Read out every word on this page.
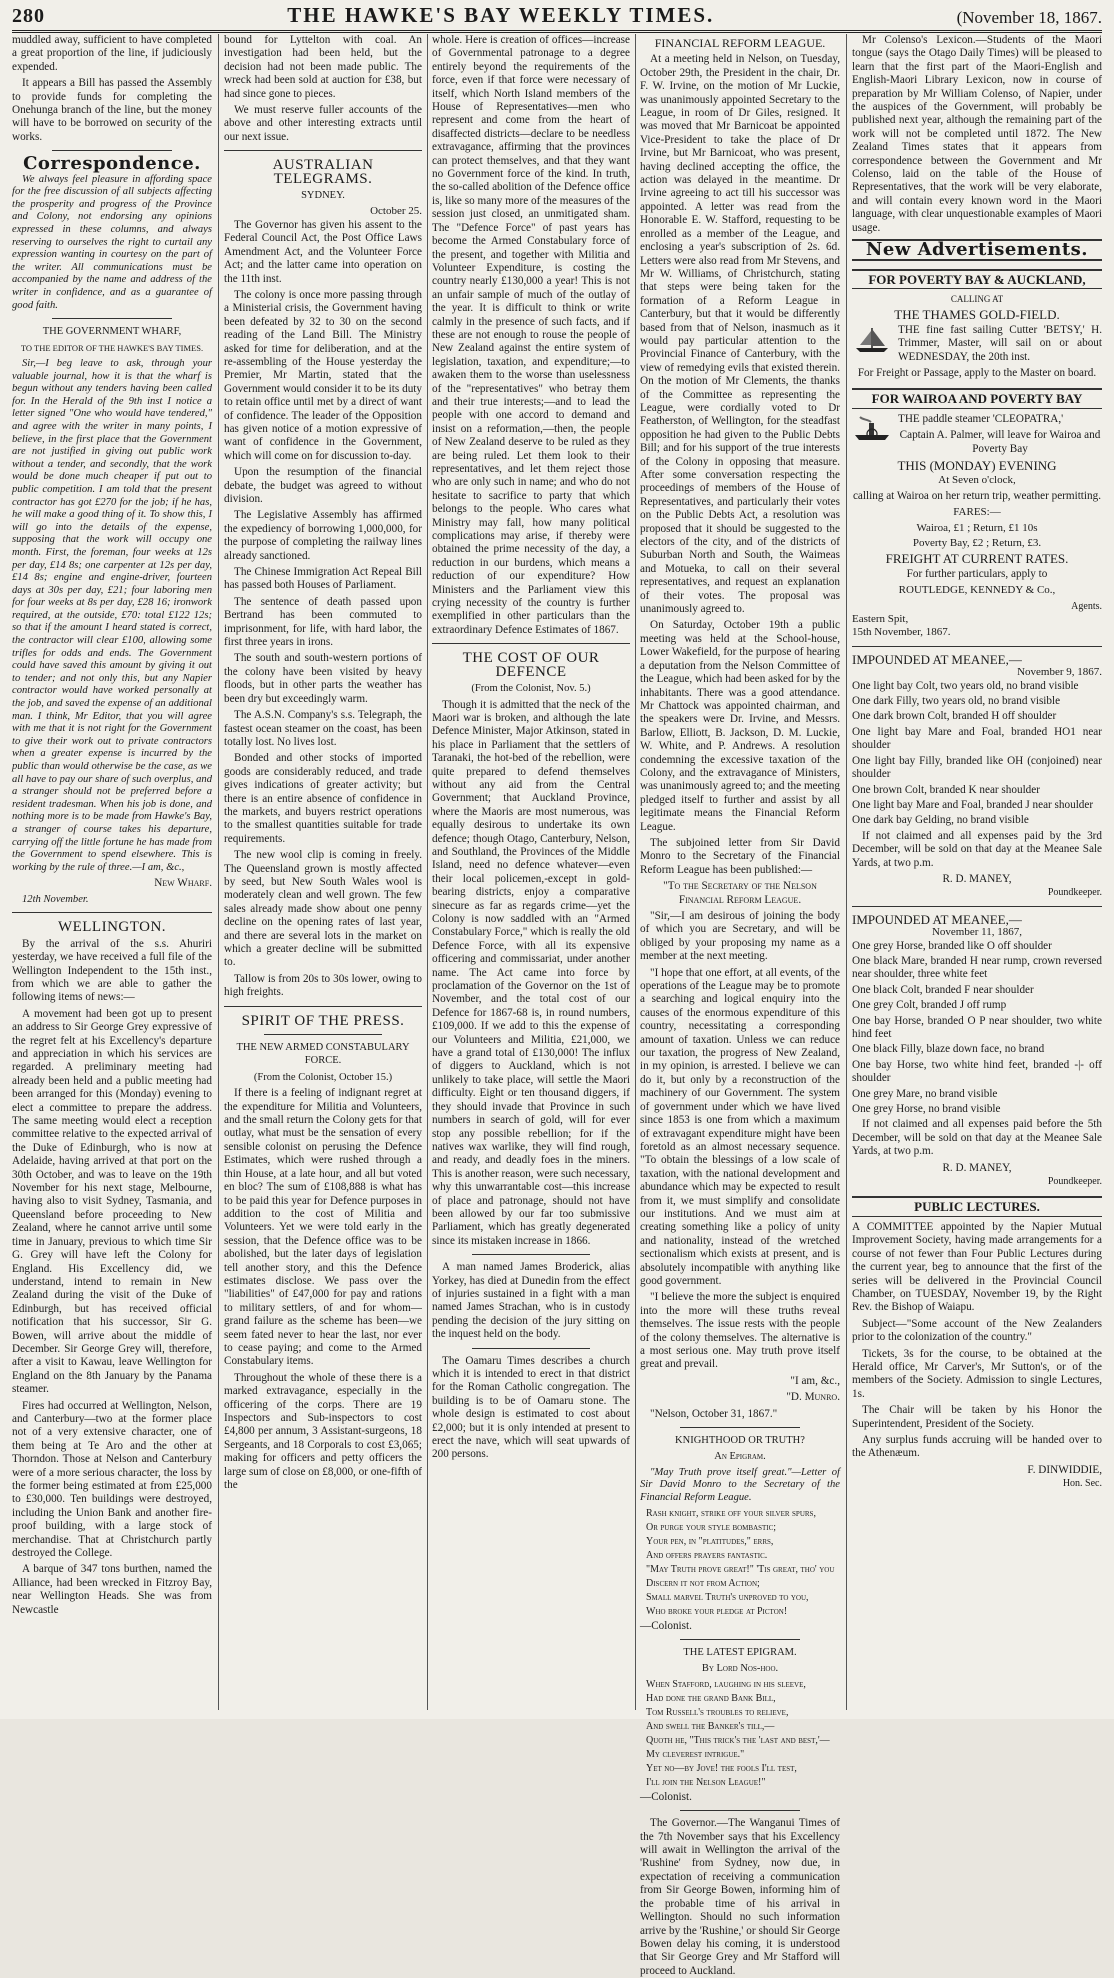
280	THE HAWKE'S BAY WEEKLY TIMES.	(November 18, 1867.

muddled away, sufficient to have completed a great proportion of the line, if judiciously expended.

It appears a Bill has passed the Assembly to provide funds for completing the Onehunga branch of the line, but the money will have to be borrowed on security of the works.

Correspondence.

We always feel pleasure in affording space for the free discussion of all subjects affecting the prosperity and progress of the Province and Colony, not endorsing any opinions expressed in these columns, and always reserving to ourselves the right to curtail any expression wanting in courtesy on the part of the writer. All communications must be accompanied by the name and address of the writer in confidence, and as a guarantee of good faith.

THE GOVERNMENT WHARF,
TO THE EDITOR OF THE HAWKE'S BAY TIMES.

Sir,—I beg leave to ask, through your valuable journal, how it is that the wharf is begun without any tenders having been called for. In the Herald of the 9th inst I notice a letter signed "One who would have tendered," and agree with the writer in many points, I believe, in the first place that the Government are not justified in giving out public work without a tender, and secondly, that the work would be done much cheaper if put out to public competition. I am told that the present contractor has got £270 for the job; if he has, he will make a good thing of it. To show this, I will go into the details of the expense, supposing that the work will occupy one month. First, the foreman, four weeks at 12s per day, £14 8s; one carpenter at 12s per day, £14 8s; engine and engine-driver, fourteen days at 30s per day, £21; four laboring men for four weeks at 8s per day, £28 16; ironwork required, at the outside, £70: total £122 12s; so that if the amount I heard stated is correct, the contractor will clear £100, allowing some trifles for odds and ends. The Government could have saved this amount by giving it out to tender; and not only this, but any Napier contractor would have worked personally at the job, and saved the expense of an additional man. I think, Mr Editor, that you will agree with me that it is not right for the Government to give their work out to private contractors when a greater expense is incurred by the public than would otherwise be the case, as we all have to pay our share of such overplus, and a stranger should not be preferred before a resident tradesman. When his job is done, and nothing more is to be made from Hawke's Bay, a stranger of course takes his departure, carrying off the little fortune he has made from the Government to spend elsewhere. This is working by the rule of three.—I am, &c.,

New Wharf.

12th November.

WELLINGTON.

By the arrival of the s.s. Ahuriri yesterday, we have received a full file of the Wellington Independent to the 15th inst., from which we are able to gather the following items of news:—

A movement had been got up to present an address to Sir George Grey expressive of the regret felt at his Excellency's departure and appreciation in which his services are regarded. A preliminary meeting had already been held and a public meeting had been arranged for this (Monday) evening to elect a committee to prepare the address. The same meeting would elect a reception committee relative to the expected arrival of the Duke of Edinburgh, who is now at Adelaide, having arrived at that port on the 30th October, and was to leave on the 19th November for his next stage, Melbourne, having also to visit Sydney, Tasmania, and Queensland before proceeding to New Zealand, where he cannot arrive until some time in January, previous to which time Sir G. Grey will have left the Colony for England. His Excellency did, we understand, intend to remain in New Zealand during the visit of the Duke of Edinburgh, but has received official notification that his successor, Sir G. Bowen, will arrive about the middle of December. Sir George Grey will, therefore, after a visit to Kawau, leave Wellington for England on the 8th January by the Panama steamer.

Fires had occurred at Wellington, Nelson, and Canterbury—two at the former place not of a very extensive character, one of them being at Te Aro and the other at Thorndon. Those at Nelson and Canterbury were of a more serious character, the loss by the former being estimated at from £25,000 to £30,000. Ten buildings were destroyed, including the Union Bank and another fire-proof building, with a large stock of merchandise. That at Christchurch partly destroyed the College.

A barque of 347 tons burthen, named the Alliance, had been wrecked in Fitzroy Bay, near Wellington Heads. She was from Newcastle

bound for Lyttelton with coal. An investigation had been held, but the decision had not been made public. The wreck had been sold at auction for £38, but had since gone to pieces.

We must reserve fuller accounts of the above and other interesting extracts until our next issue.

AUSTRALIAN TELEGRAMS.
SYDNEY.
October 25.

The Governor has given his assent to the Federal Council Act, the Post Office Laws Amendment Act, and the Volunteer Force Act; and the latter came into operation on the 11th inst.

The colony is once more passing through a Ministerial crisis, the Government having been defeated by 32 to 30 on the second reading of the Land Bill. The Ministry asked for time for deliberation, and at the re-assembling of the House yesterday the Premier, Mr Martin, stated that the Government would consider it to be its duty to retain office until met by a direct of want of confidence. The leader of the Opposition has given notice of a motion expressive of want of confidence in the Government, which will come on for discussion to-day.

Upon the resumption of the financial debate, the budget was agreed to without division.

The Legislative Assembly has affirmed the expediency of borrowing 1,000,000, for the purpose of completing the railway lines already sanctioned.

The Chinese Immigration Act Repeal Bill has passed both Houses of Parliament.

The sentence of death passed upon Bertrand has been commuted to imprisonment, for life, with hard labor, the first three years in irons.

The south and south-western portions of the colony have been visited by heavy floods, but in other parts the weather has been dry but exceedingly warm.

The A.S.N. Company's s.s. Telegraph, the fastest ocean steamer on the coast, has been totally lost. No lives lost.

Bonded and other stocks of imported goods are considerably reduced, and trade gives indications of greater activity; but there is an entire absence of confidence in the markets, and buyers restrict operations to the smallest quantities suitable for trade requirements.

The new wool clip is coming in freely. The Queensland grown is mostly affected by seed, but New South Wales wool is moderately clean and well grown. The few sales already made show about one penny decline on the opening rates of last year, and there are several lots in the market on which a greater decline will be submitted to.

Tallow is from 20s to 30s lower, owing to high freights.

SPIRIT OF THE PRESS.
THE NEW ARMED CONSTABULARY FORCE.
(From the Colonist, October 15.)

If there is a feeling of indignant regret at the expenditure for Militia and Volunteers, and the small return the Colony gets for that outlay, what must be the sensation of every sensible colonist on perusing the Defence Estimates, which were rushed through a thin House, at a late hour, and all but voted en bloc? The sum of £108,888 is what has to be paid this year for Defence purposes in addition to the cost of Militia and Volunteers. Yet we were told early in the session, that the Defence office was to be abolished, but the later days of legislation tell another story, and this the Defence estimates disclose. We pass over the "liabilities" of £47,000 for pay and rations to military settlers, of and for whom—grand failure as the scheme has been—we seem fated never to hear the last, nor ever to cease paying; and come to the Armed Constabulary items.

Throughout the whole of these there is a marked extravagance, especially in the officering of the corps. There are 19 Inspectors and Sub-inspectors to cost £4,800 per annum, 3 Assistant-surgeons, 18 Sergeants, and 18 Corporals to cost £3,065; making for officers and petty officers the large sum of close on £8,000, or one-fifth of the

whole. Here is creation of offices—increase of Governmental patronage to a degree entirely beyond the requirements of the force, even if that force were necessary of itself, which North Island members of the House of Representatives—men who represent and come from the heart of disaffected districts—declare to be needless extravagance, affirming that the provinces can protect themselves, and that they want no Government force of the kind. In truth, the so-called abolition of the Defence office is, like so many more of the measures of the session just closed, an unmitigated sham. The "Defence Force" of past years has become the Armed Constabulary force of the present, and together with Militia and Volunteer Expenditure, is costing the country nearly £130,000 a year! This is not an unfair sample of much of the outlay of the year. It is difficult to think or write calmly in the presence of such facts, and if these are not enough to rouse the people of New Zealand against the entire system of legislation, taxation, and expenditure;—to awaken them to the worse than uselessness of the "representatives" who betray them and their true interests;—and to lead the people with one accord to demand and insist on a reformation,—then, the people of New Zealand deserve to be ruled as they are being ruled. Let them look to their representatives, and let them reject those who are only such in name; and who do not hesitate to sacrifice to party that which belongs to the people. Who cares what Ministry may fall, how many political complications may arise, if thereby were obtained the prime necessity of the day, a reduction in our burdens, which means a reduction of our expenditure? How Ministers and the Parliament view this crying necessity of the country is further exemplified in other particulars than the extraordinary Defence Estimates of 1867.

THE COST OF OUR DEFENCE
(From the Colonist, Nov. 5.)

Though it is admitted that the neck of the Maori war is broken, and although the late Defence Minister, Major Atkinson, stated in his place in Parliament that the settlers of Taranaki, the hot-bed of the rebellion, were quite prepared to defend themselves without any aid from the Central Government; that Auckland Province, where the Maoris are most numerous, was equally desirous to undertake its own defence; though Otago, Canterbury, Nelson, and Southland, the Provinces of the Middle Island, need no defence whatever—even their local policemen,-except in gold-bearing districts, enjoy a comparative sinecure as far as regards crime—yet the Colony is now saddled with an "Armed Constabulary Force," which is really the old Defence Force, with all its expensive officering and commissariat, under another name. The Act came into force by proclamation of the Governor on the 1st of November, and the total cost of our Defence for 1867-68 is, in round numbers, £109,000. If we add to this the expense of our Volunteers and Militia, £21,000, we have a grand total of £130,000! The influx of diggers to Auckland, which is not unlikely to take place, will settle the Maori difficulty. Eight or ten thousand diggers, if they should invade that Province in such numbers in search of gold, will for ever stop any possible rebellion; for if the natives wax warlike, they will find rough, and ready, and deadly foes in the miners. This is another reason, were such necessary, why this unwarrantable cost—this increase of place and patronage, should not have been allowed by our far too submissive Parliament, which has greatly degenerated since its mistaken increase in 1866.

A man named James Broderick, alias Yorkey, has died at Dunedin from the effect of injuries sustained in a fight with a man named James Strachan, who is in custody pending the decision of the jury sitting on the inquest held on the body.

The Oamaru Times describes a church which it is intended to erect in that district for the Roman Catholic congregation. The building is to be of Oamaru stone. The whole design is estimated to cost about £2,000; but it is only intended at present to erect the nave, which will seat upwards of 200 persons.

FINANCIAL REFORM LEAGUE.

At a meeting held in Nelson, on Tuesday, October 29th, the President in the chair, Dr. F. W. Irvine, on the motion of Mr Luckie, was unanimously appointed Secretary to the League, in room of Dr Giles, resigned. It was moved that Mr Barnicoat be appointed Vice-President to take the place of Dr Irvine, but Mr Barnicoat, who was present, having declined accepting the office, the action was delayed in the meantime. Dr Irvine agreeing to act till his successor was appointed. A letter was read from the Honorable E. W. Stafford, requesting to be enrolled as a member of the League, and enclosing a year's subscription of 2s. 6d. Letters were also read from Mr Stevens, and Mr W. Williams, of Christchurch, stating that steps were being taken for the formation of a Reform League in Canterbury, but that it would be differently based from that of Nelson, inasmuch as it would pay particular attention to the Provincial Finance of Canterbury, with the view of remedying evils that existed therein. On the motion of Mr Clements, the thanks of the Committee as representing the League, were cordially voted to Dr Featherston, of Wellington, for the steadfast opposition he had given to the Public Debts Bill; and for his support of the true interests of the Colony in opposing that measure. After some conversation respecting the proceedings of members of the House of Representatives, and particularly their votes on the Public Debts Act, a resolution was proposed that it should be suggested to the electors of the city, and of the districts of Suburban North and South, the Waimeas and Motueka, to call on their several representatives, and request an explanation of their votes. The proposal was unanimously agreed to.

On Saturday, October 19th a public meeting was held at the School-house, Lower Wakefield, for the purpose of hearing a deputation from the Nelson Committee of the League, which had been asked for by the inhabitants. There was a good attendance. Mr Chattock was appointed chairman, and the speakers were Dr. Irvine, and Messrs. Barlow, Elliott, B. Jackson, D. M. Luckie, W. White, and P. Andrews. A resolution condemning the excessive taxation of the Colony, and the extravagance of Ministers, was unanimously agreed to; and the meeting pledged itself to further and assist by all legitimate means the Financial Reform League.

The subjoined letter from Sir David Monro to the Secretary of the Financial Reform League has been published:—

"To the Secretary of the Nelson Financial Reform League.

"Sir,—I am desirous of joining the body of which you are Secretary, and will be obliged by your proposing my name as a member at the next meeting.

"I hope that one effort, at all events, of the operations of the League may be to promote a searching and logical enquiry into the causes of the enormous expenditure of this country, necessitating a corresponding amount of taxation. Unless we can reduce our taxation, the progress of New Zealand, in my opinion, is arrested. I believe we can do it, but only by a reconstruction of the machinery of our Government. The system of government under which we have lived since 1853 is one from which a maximum of extravagant expenditure might have been foretold as an almost necessary sequence. "To obtain the blessings of a low scale of taxation, with the national development and abundance which may be expected to result from it, we must simplify and consolidate our institutions. And we must aim at creating something like a policy of unity and nationality, instead of the wretched sectionalism which exists at present, and is absolutely incompatible with anything like good government.

"I believe the more the subject is enquired into the more will these truths reveal themselves. The issue rests with the people of the colony themselves. The alternative is a most serious one. May truth prove itself great and prevail.

"I am, &c.,

"D. Munro.

"Nelson, October 31, 1867."

KNIGHTHOOD OR TRUTH?
An Epigram.

"May Truth prove itself great."—Letter of Sir David Monro to the Secretary of the Financial Reform League.

Rash knight, strike off your silver spurs,

Or purge your style bombastic;

Your pen, in "platitudes," errs,

And offers prayers fantastic.

"May Truth prove great!" 'Tis great, tho' you

Discern it not from Action;

Small marvel Truth's unproved to you,

Who broke your pledge at Picton!

—Colonist.

THE LATEST EPIGRAM.
By Lord Nos-hoo.

When Stafford, laughing in his sleeve,

Had done the grand Bank Bill,

Tom Russell's troubles to relieve,

And swell the Banker's till,—

Quoth he, "This trick's the 'last and best,'—

My cleverest intrigue."

Yet no—by Jove! the fools I'll test,

I'll join the Nelson League!"

—Colonist.

The Governor.—The Wanganui Times of the 7th November says that his Excellency will await in Wellington the arrival of the 'Rushine' from Sydney, now due, in expectation of receiving a communication from Sir George Bowen, informing him of the probable time of his arrival in Wellington. Should no such information arrive by the 'Rushine,' or should Sir George Bowen delay his coming, it is understood that Sir George Grey and Mr Stafford will proceed to Auckland.

Mr Colenso's Lexicon.—Students of the Maori tongue (says the Otago Daily Times) will be pleased to learn that the first part of the Maori-English and English-Maori Library Lexicon, now in course of preparation by Mr William Colenso, of Napier, under the auspices of the Government, will probably be published next year, although the remaining part of the work will not be completed until 1872. The New Zealand Times states that it appears from correspondence between the Government and Mr Colenso, laid on the table of the House of Representatives, that the work will be very elaborate, and will contain every known word in the Maori language, with clear unquestionable examples of Maori usage.

New Advertisements.
FOR POVERTY BAY & AUCKLAND,
CALLING AT
THE THAMES GOLD-FIELD.

THE fine fast sailing Cutter 'BETSY,' H. Trimmer, Master, will sail on or about WEDNESDAY, the 20th inst.

For Freight or Passage, apply to the Master on board.

FOR WAIROA AND POVERTY BAY

THE paddle steamer 'CLEOPATRA,'

Captain A. Palmer, will leave for Wairoa and Poverty Bay

THIS (MONDAY) EVENING
At Seven o'clock,

calling at Wairoa on her return trip, weather permitting.

FARES:—
Wairoa, £1 ; Return, £1 10s
Poverty Bay, £2 ; Return, £3.
FREIGHT AT CURRENT RATES.

For further particulars, apply to

ROUTLEDGE, KENNEDY & Co.,
Agents.
Eastern Spit,
15th November, 1867.
IMPOUNDED AT MEANEE,—
November 9, 1867.

One light bay Colt, two years old, no brand visible

One dark Filly, two years old, no brand visible

One dark brown Colt, branded H off shoulder

One light bay Mare and Foal, branded HO1 near shoulder

One light bay Filly, branded like OH (conjoined) near shoulder

One brown Colt, branded K near shoulder

One light bay Mare and Foal, branded J near shoulder

One dark bay Gelding, no brand visible

If not claimed and all expenses paid by the 3rd December, will be sold on that day at the Meanee Sale Yards, at two p.m.

R. D. MANEY,
Poundkeeper.
IMPOUNDED AT MEANEE,—
November 11, 1867,

One grey Horse, branded like O off shoulder

One black Mare, branded H near rump, crown reversed near shoulder, three white feet

One black Colt, branded F near shoulder

One grey Colt, branded J off rump

One bay Horse, branded O P near shoulder, two white hind feet

One black Filly, blaze down face, no brand

One bay Horse, two white hind feet, branded -|- off shoulder

One grey Mare, no brand visible

One grey Horse, no brand visible

If not claimed and all expenses paid before the 5th December, will be sold on that day at the Meanee Sale Yards, at two p.m.

R. D. MANEY,
Poundkeeper.
PUBLIC LECTURES.

A COMMITTEE appointed by the Napier Mutual Improvement Society, having made arrangements for a course of not fewer than Four Public Lectures during the current year, beg to announce that the first of the series will be delivered in the Provincial Council Chamber, on TUESDAY, November 19, by the Right Rev. the Bishop of Waiapu.

Subject—"Some account of the New Zealanders prior to the colonization of the country."

Tickets, 3s for the course, to be obtained at the Herald office, Mr Carver's, Mr Sutton's, or of the members of the Society. Admission to single Lectures, 1s.

The Chair will be taken by his Honor the Superintendent, President of the Society.

Any surplus funds accruing will be handed over to the Athenæum.

F. DINWIDDIE,
Hon. Sec.
